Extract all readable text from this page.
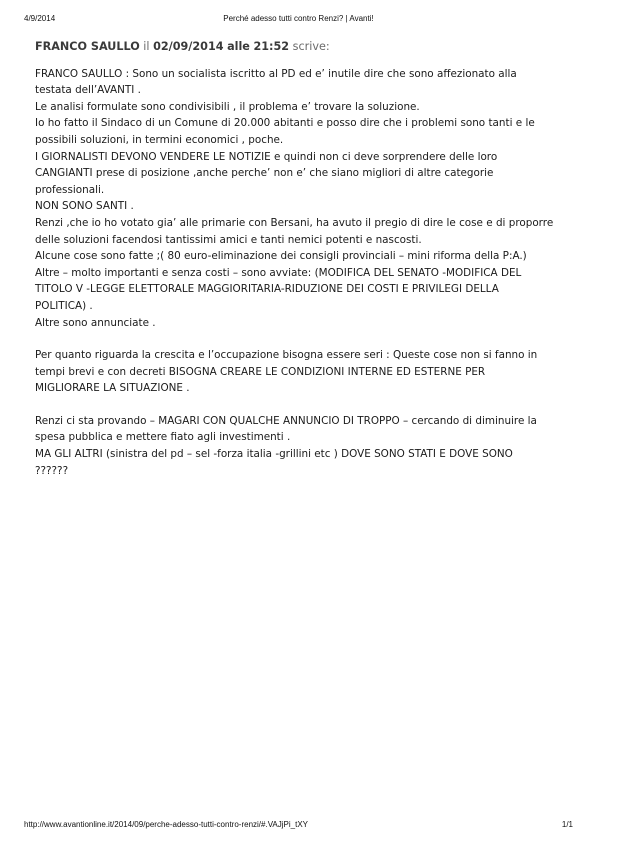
4/9/2014	Perché adesso tutti contro Renzi? | Avanti!
FRANCO SAULLO il 02/09/2014 alle 21:52 scrive:

FRANCO SAULLO : Sono un socialista iscritto al PD ed e’ inutile dire che sono affezionato alla
testata dell’AVANTI .
Le analisi formulate sono condivisibili , il problema e’ trovare la soluzione.
Io ho fatto il Sindaco di un Comune di 20.000 abitanti e posso dire che i problemi sono tanti e le
possibili soluzioni, in termini economici , poche.
I GIORNALISTI DEVONO VENDERE LE NOTIZIE e quindi non ci deve sorprendere delle loro
CANGIANTI prese di posizione ,anche perche’ non e’ che siano migliori di altre categorie
professionali.
NON SONO SANTI .
Renzi ,che io ho votato gia’ alle primarie con Bersani, ha avuto il pregio di dire le cose e di proporre
delle soluzioni facendosi tantissimi amici e tanti nemici potenti e nascosti.
Alcune cose sono fatte ;( 80 euro-eliminazione dei consigli provinciali – mini riforma della P:A.)
Altre – molto importanti e senza costi – sono avviate: (MODIFICA DEL SENATO -MODIFICA DEL
TITOLO V -LEGGE ELETTORALE MAGGIORITARIA-RIDUZIONE DEI COSTI E PRIVILEGI DELLA
POLITICA) .
Altre sono annunciate .

Per quanto riguarda la crescita e l’occupazione bisogna essere seri : Queste cose non si fanno in
tempi brevi e con decreti BISOGNA CREARE LE CONDIZIONI INTERNE ED ESTERNE PER
MIGLIORARE LA SITUAZIONE .

Renzi ci sta provando – MAGARI CON QUALCHE ANNUNCIO DI TROPPO – cercando di diminuire la
spesa pubblica e mettere fiato agli investimenti .
MA GLI ALTRI (sinistra del pd – sel -forza italia -grillini etc ) DOVE SONO STATI E DOVE SONO
??????

http://www.avantionline.it/2014/09/perche-adesso-tutti-contro-renzi/#.VAJjPi_tXY	1/1
